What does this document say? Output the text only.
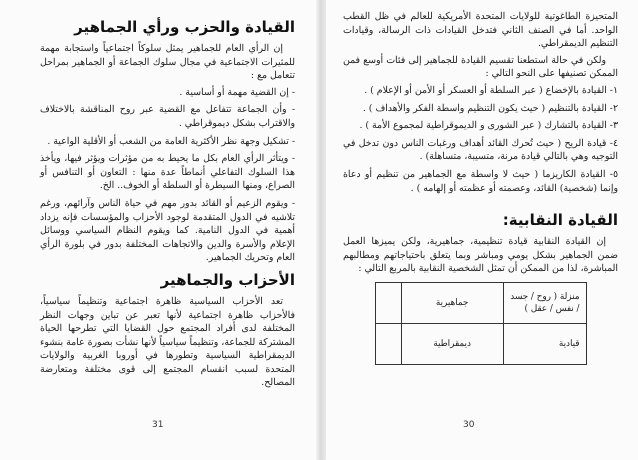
القيادة والحزب ورأي الجماهير

إن الرأي العام للجماهير يمثل سلوكاً اجتماعياً واستجابة مهمة للمثيرات الاجتماعية في مجال سلوك الجماعة أو الجماهير بمراحل تتعامل مع :

- إن القضية مهمة أو أساسية .
- وأن الجماعة تتفاعل مع القضية عبر روح المناقشة بالاختلاف والاقتراب بشكل ديموقراطي .
- تشكيل وجهة نظر الأكثرية العامة من الشعب أو الأقلية الواعية .
- ويتأثر الرأي العام بكل ما يحيط به من مؤثرات ويؤثر فيها، ويأخذ هذا السلوك التفاعلي أنماطاً عدة منها : التعاون أو التنافس أو الصراع، ومنها السيطرة أو السلطة أو الخوف.. الخ.
- ويقوم الزعيم أو القائد بدور مهم في حياة الناس وآرائهم، ورغم تلاشيه في الدول المتقدمة لوجود الأحزاب والمؤسسات فإنه يزداد أهمية في الدول النامية. كما ويقوم النظام السياسي ووسائل الإعلام والأسرة والدين والاتجاهات المختلفة بدور في بلورة الرأي العام وتحريك الجماهير.
الأحزاب والجماهير

تعد الأحزاب السياسية ظاهرة اجتماعية وتنظيماً سياسياً، فالأحزاب ظاهرة اجتماعية لأنها تعبر عن تباين وجهات النظر المختلفة لدى أفراد المجتمع حول القضايا التي تطرحها الحياة المشتركة للجماعة، وتنظيماً سياسياً لأنها نشأت بصورة عامة بنشوء الديمقراطية السياسية وتطورها في أوروبا الغربية والولايات المتحدة لسبب انقسام المجتمع إلى قوى مختلفة ومتعارضة المصالح.

31

المتحيزة الطاغوتية للولايات المتحدة الأمريكية للعالم في ظل القطب الواحد. أما في الصنف الثاني فتدخل القيادات ذات الرسالة، وقيادات التنظيم الديمقراطي.

ولكن في حالة استطعنا تقسيم القيادة للجماهير إلى فئات أوسع فمن الممكن تصنيفها على النحو التالي :

١- القيادة بالإخضاع ( عبر السلطة أو العسكر أو الأمن أو الإعلام ) .
٢- القيادة بالتنظيم ( حيث يكون التنظيم واسطة الفكر والأهداف ) .
٣- القيادة بالتشارك ( عبر الشورى و الديموقراطية لمجموع الأمة ) .
٤- قيادة الريح ( حيث تُحرك القائد أهداف ورغبات الناس دون تدخل في التوجيه وهي بالتالي قيادة مرنة، متسيبة، متساهلة) .
٥- القيادة الكاريزما ( حيث لا واسطة مع الجماهير من تنظيم أو دعاة وإنما (شخصية) القائد، وعصمته أو عظمته أو إلهامه ) .
القيادة النقابية:

إن القيادة النقابية قيادة تنظيمية، جماهيرية، ولكن يميزها العمل ضمن الجماهير بشكل يومي ومباشر وبما يتعلق باحتياجاتهم ومطالبهم المباشرة، لذا من الممكن أن تمثل الشخصية النقابية بالمربع التالي :

منزلة ( روح / جسد / نفس / عقل )	جماهيرية	
قيادية	ديمقراطية	
30
